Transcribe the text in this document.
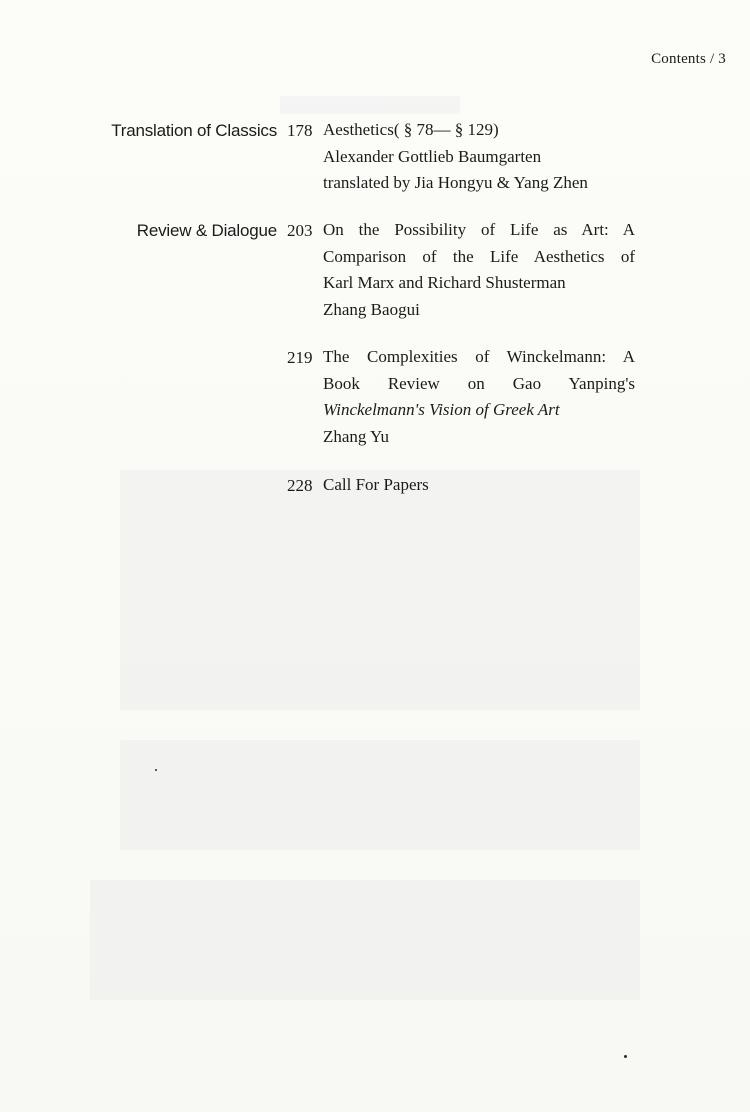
Contents / 3
Translation of Classics 178 Aesthetics( § 78— § 129)
Alexander Gottlieb Baumgarten
translated by Jia Hongyu & Yang Zhen
Review & Dialogue 203 On the Possibility of Life as Art: A
Comparison of the Life Aesthetics of
Karl Marx and Richard Shusterman
Zhang Baogui
219 The Complexities of Winckelmann: A
Book Review on Gao Yanping's
Winckelmann's Vision of Greek Art
Zhang Yu
228 Call For Papers
